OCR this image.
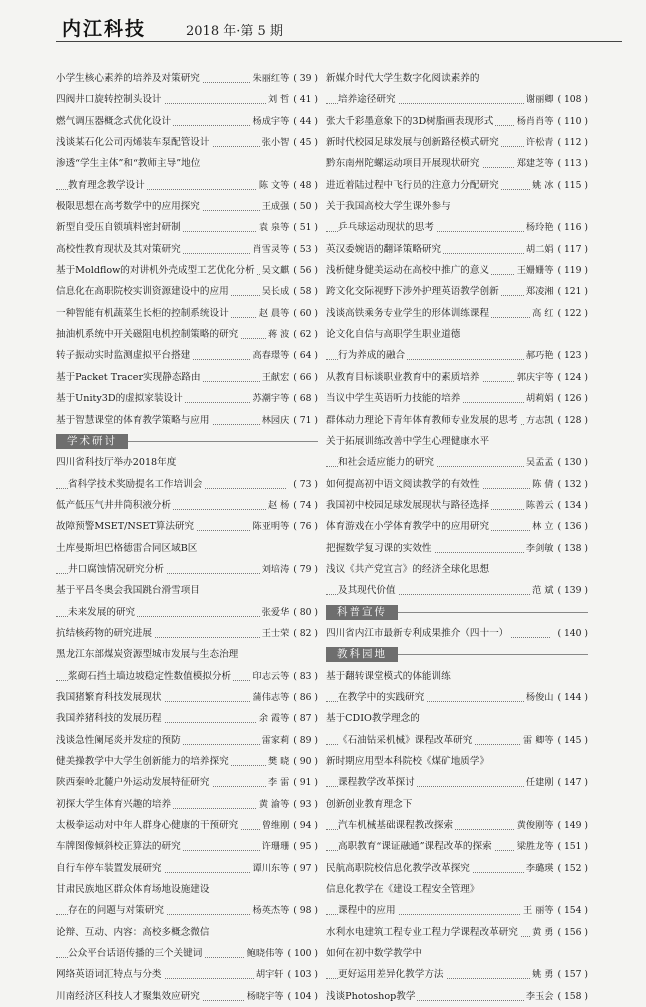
内江科技	2018 年·第 5 期
小学生核心素养的培养及对策研究	朱丽红等 ( 39 )
四阀井口旋转控制头设计	刘 哲 ( 41 )
燃气调压器概念式优化设计	杨成宇等 ( 44 )
浅谈某石化公司丙烯装车泵配管设计	张小智 ( 45 )
渗透“学生主体”和“教师主导”地位
教育理念教学设计	陈 文等 ( 48 )
极限思想在高考数学中的应用探究	王成强 ( 50 )
新型自受压自锁填料密封研制	袁 泉等 ( 51 )
高校性教育现状及其对策研究	肖雪灵等 ( 53 )
基于Moldflow的对讲机外壳成型工艺优化分析 吴文麒 ( 56 )
信息化在高职院校实训资源建设中的应用	吴长成 ( 58 )
一种智能有机蔬菜生长柜的控制系统设计	赵 晨等 ( 60 )
抽油机系统中开关磁阻电机控制策略的研究	蒋 波 ( 62 )
转子振动实时监测虚拟平台搭建	高春璟等 ( 64 )
基于Packet Tracer实现静态路由	王献宏 ( 66 )
基于Unity3D的虚拟家装设计	苏潮宇等 ( 68 )
基于智慧课堂的体育教学策略与应用	林园庆 ( 71 )
学术研讨
四川省科技厅举办2018年度
省科学技术奖励提名工作培训会	( 73 )
低产低压气井井筒积液分析	赵 杨 ( 74 )
故障预警MSET/NSET算法研究	陈亚明等 ( 76 )
土库曼斯坦巴格德雷合同区域B区
井口腐蚀情况研究分析	刘培涛 ( 79 )
基于平昌冬奥会我国跳台滑雪项目
未来发展的研究	张爱华 ( 80 )
抗结核药物的研究进展	王士荣 ( 82 )
黑龙江东部煤炭资源型城市发展与生态治理
浆砌石挡土墙边坡稳定性数值模拟分析 印志云等 ( 83 )
我国猪繁育科技发展现状	蒲伟志等 ( 86 )
我国养猪科技的发展历程	余 霞等 ( 87 )
浅谈急性阑尾炎并发症的预防	雷家莉 ( 89 )
健美操教学中大学生创新能力的培养探究	樊 晓 ( 90 )
陕西秦岭北麓户外运动发展特征研究	李 雷 ( 91 )
初探大学生体育兴趣的培养	黄 渝等 ( 93 )
太极拳运动对中年人群身心健康的干预研究	曾维刚 ( 94 )
车牌图像倾斜校正算法的研究	许珊珊 ( 95 )
自行车停车装置发展研究	谭川东等 ( 97 )
甘肃民族地区群众体育场地设施建设
存在的问题与对策研究	杨英杰等 ( 98 )
论辩、互动、内容：高校多概念微信
公众平台话语传播的三个关键词	鲍晓伟等 ( 100 )
网络英语词汇特点与分类	胡宇轩 ( 103 )
川南经济区科技人才聚集效应研究	杨晓宇等 ( 104 )
新媒介时代大学生数字化阅读素养的
培养途径研究	谢丽卿 ( 108 )
张大千彩墨意象下的3D树脂画表现形式	杨肖肖等 ( 110 )
新时代校园足球发展与创新路径模式研究	许松青 ( 112 )
黔东南州陀螺运动项目开展现状研究	郑建芝等 ( 113 )
进近着陆过程中飞行员的注意力分配研究	姚 冰 ( 115 )
关于我国高校大学生课外参与
乒乓球运动现状的思考	杨玲艳 ( 116 )
英汉委婉语的翻译策略研究	胡二娟 ( 117 )
浅析健身健美运动在高校中推广的意义	王姗姗等 ( 119 )
跨文化交际视野下涉外护理英语教学创新	郑凌湘 ( 121 )
浅谈高铁乘务专业学生的形体训练课程	高 红 ( 122 )
论文化自信与高职学生职业道德
行为养成的融合	郝巧艳 ( 123 )
从教育目标谈职业教育中的素质培养	郭庆宇等 ( 124 )
当议中学生英语听力技能的培养	胡莉娟 ( 126 )
群体动力理论下青年体育教师专业发展的思考 方志凯 ( 128 )
关于拓展训练改善中学生心理健康水平
和社会适应能力的研究	吴孟孟 ( 130 )
如何提高初中语文阅读教学的有效性	陈 倩 ( 132 )
我国初中校园足球发展现状与路径选择	陈善云 ( 134 )
体育游戏在小学体育教学中的应用研究	林 立 ( 136 )
把握数学复习课的实效性	李剑敏 ( 138 )
浅议《共产党宣言》的经济全球化思想
及其现代价值	范 斌 ( 139 )
科普宣传
四川省内江市最新专利成果推介（四十一）	( 140 )
教科园地
基于翻转课堂模式的体能训练
在教学中的实践研究	杨俊山 ( 144 )
基于CDIO教学理念的
《石油钻采机械》课程改革研究	雷 卿等 ( 145 )
新时期应用型本科院校《煤矿地质学》
课程教学改革探讨	任建刚 ( 147 )
创新创业教育理念下
汽车机械基础课程教改探索	黄俊刚等 ( 149 )
高职教育“课证融通”课程改革的探索	梁胜龙等 ( 151 )
民航高职院校信息化教学改革探究	李璐瑛 ( 152 )
信息化教学在《建设工程安全管理》
课程中的应用	王 丽等 ( 154 )
水利水电建筑工程专业工程力学课程改革研究 黄 勇 ( 156 )
如何在初中数学教学中
更好运用差异化教学方法	姚 勇 ( 157 )
浅谈Photoshop教学	李玉会 ( 158 )
